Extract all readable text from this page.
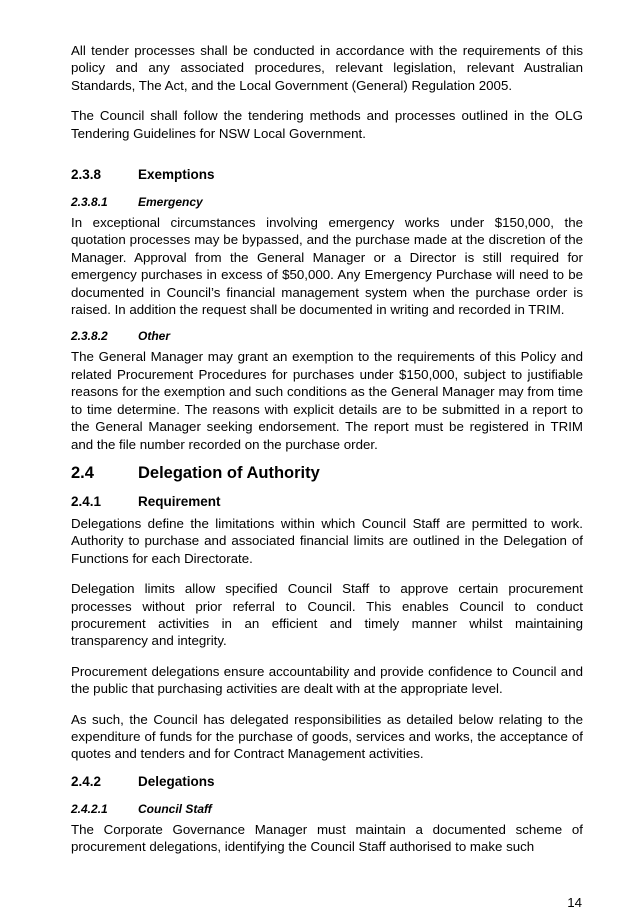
All tender processes shall be conducted in accordance with the requirements of this policy and any associated procedures, relevant legislation, relevant Australian Standards, The Act, and the Local Government (General) Regulation 2005.

The Council shall follow the tendering methods and processes outlined in the OLG Tendering Guidelines for NSW Local Government.

2.3.8	Exemptions
2.3.8.1	Emergency

In exceptional circumstances involving emergency works under $150,000, the quotation processes may be bypassed, and the purchase made at the discretion of the Manager. Approval from the General Manager or a Director is still required for emergency purchases in excess of $50,000. Any Emergency Purchase will need to be documented in Council’s financial management system when the purchase order is raised. In addition the request shall be documented in writing and recorded in TRIM.

2.3.8.2	Other

The General Manager may grant an exemption to the requirements of this Policy and related Procurement Procedures for purchases under $150,000, subject to justifiable reasons for the exemption and such conditions as the General Manager may from time to time determine. The reasons with explicit details are to be submitted in a report to the General Manager seeking endorsement. The report must be registered in TRIM and the file number recorded on the purchase order.

2.4	Delegation of Authority
2.4.1	Requirement

Delegations define the limitations within which Council Staff are permitted to work. Authority to purchase and associated financial limits are outlined in the Delegation of Functions for each Directorate.

Delegation limits allow specified Council Staff to approve certain procurement processes without prior referral to Council. This enables Council to conduct procurement activities in an efficient and timely manner whilst maintaining transparency and integrity.

Procurement delegations ensure accountability and provide confidence to Council and the public that purchasing activities are dealt with at the appropriate level.

As such, the Council has delegated responsibilities as detailed below relating to the expenditure of funds for the purchase of goods, services and works, the acceptance of quotes and tenders and for Contract Management activities.

2.4.2	Delegations
2.4.2.1	Council Staff

The Corporate Governance Manager must maintain a documented scheme of procurement delegations, identifying the Council Staff authorised to make such

14
